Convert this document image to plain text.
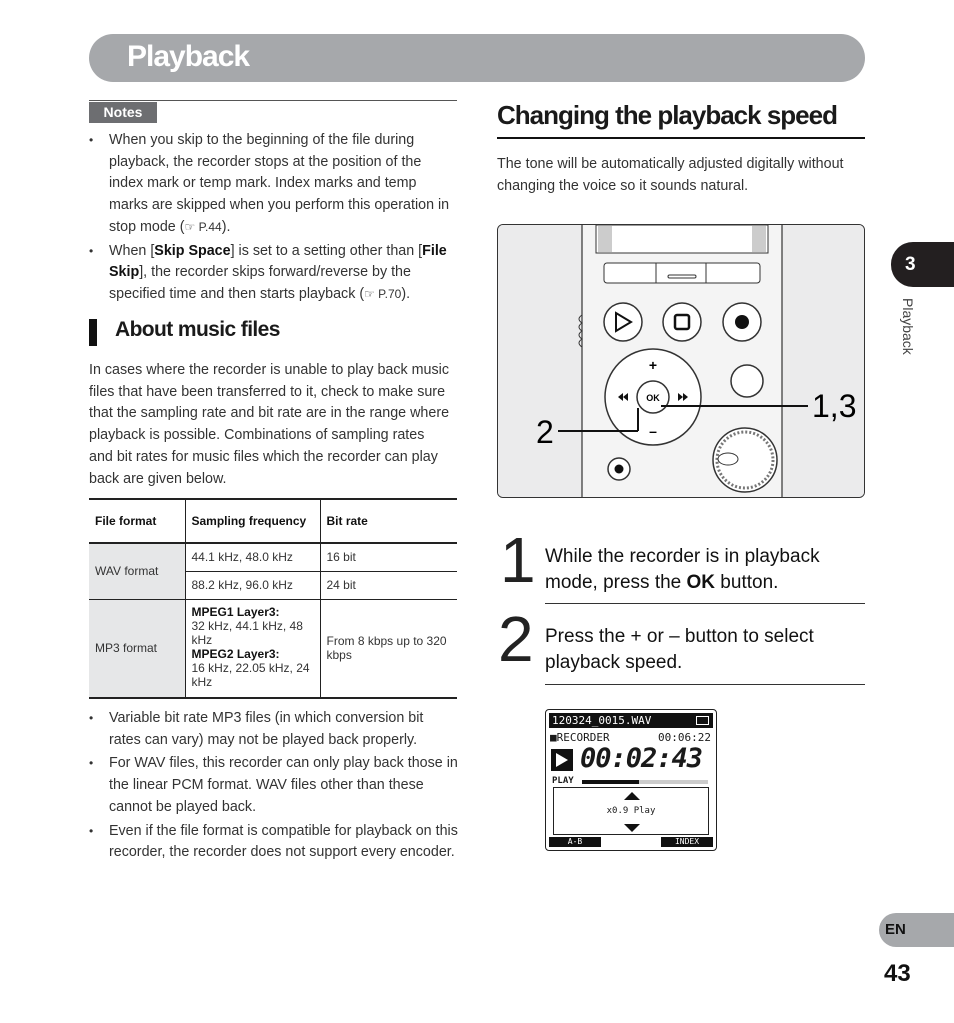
Playback
Notes
• When you skip to the beginning of the file during playback, the recorder stops at the position of the index mark or temp mark. Index marks and temp marks are skipped when you perform this operation in stop mode (☞ P.44).
• When [Skip Space] is set to a setting other than [File Skip], the recorder skips forward/reverse by the specified time and then starts playback (☞ P.70).
About music files
In cases where the recorder is unable to play back music files that have been transferred to it, check to make sure that the sampling rate and bit rate are in the range where playback is possible. Combinations of sampling rates and bit rates for music files which the recorder can play back are given below.
File format	Sampling frequency	Bit rate
WAV format	44.1 kHz, 48.0 kHz	16 bit
	88.2 kHz, 96.0 kHz	24 bit
MP3 format	MPEG1 Layer3:
32 kHz, 44.1 kHz, 48 kHz
MPEG2 Layer3:
16 kHz, 22.05 kHz, 24 kHz	From 8 kbps up to 320 kbps
• Variable bit rate MP3 files (in which conversion bit rates can vary) may not be played back properly.
• For WAV files, this recorder can only play back those in the linear PCM format. WAV files other than these cannot be played back.
• Even if the file format is compatible for playback on this recorder, the recorder does not support every encoder.
Changing the playback speed
The tone will be automatically adjusted digitally without changing the voice so it sounds natural.
OK
+
–
2
1,3
1 While the recorder is in playback mode, press the OK button.
2 Press the + or – button to select playback speed.
120324_0015.WAV
■RECORDER	00:06:22
00:02:43
PLAY
x0.9 Play
A-B	INDEX
3
Playback
EN
43
